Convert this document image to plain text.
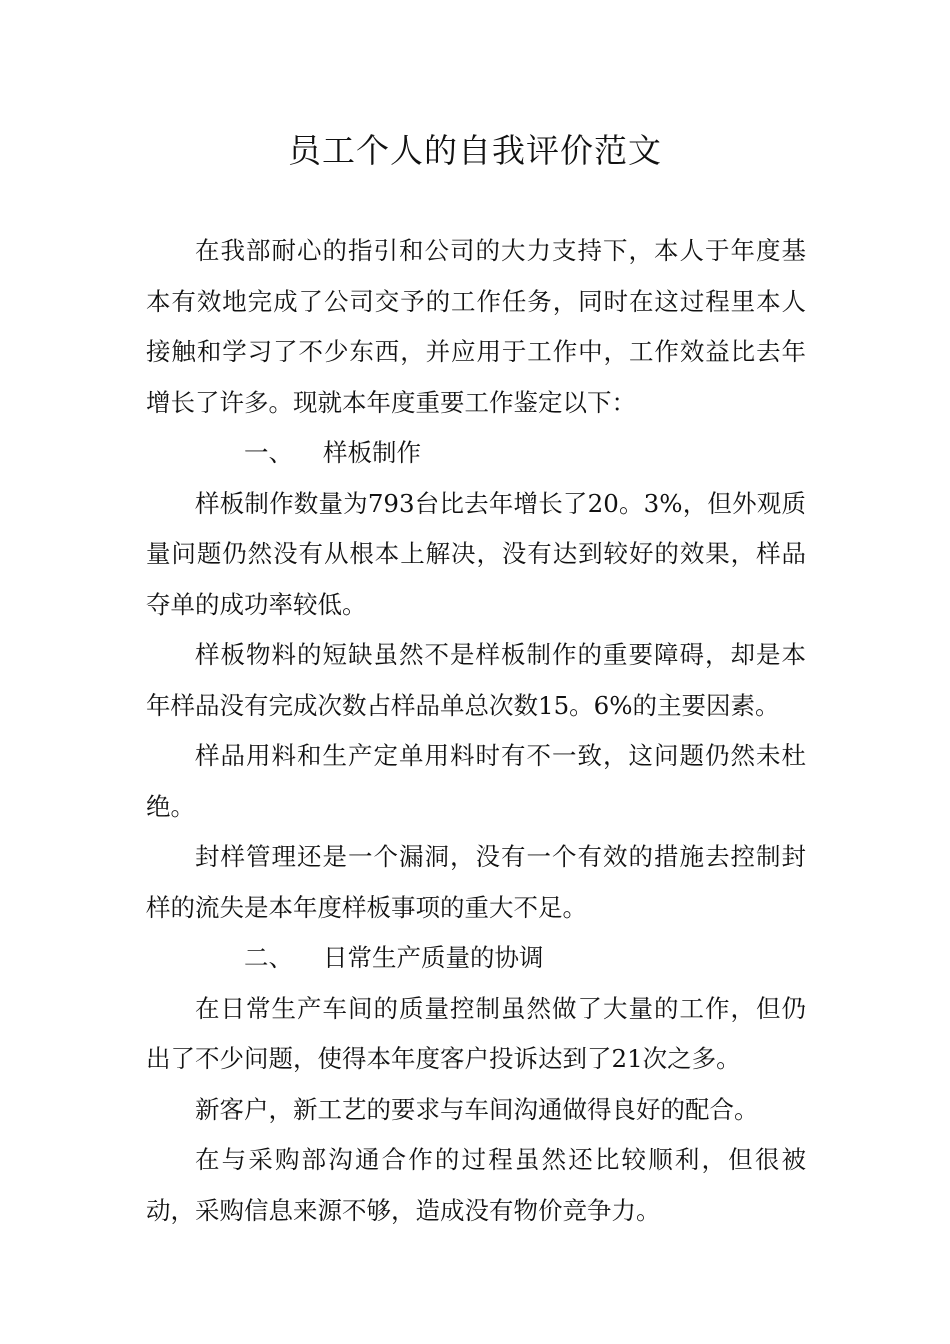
员工个人的自我评价范文

在我部耐心的指引和公司的大力支持下，本人于年度基本有效地完成了公司交予的工作任务，同时在这过程里本人接触和学习了不少东西，并应用于工作中，工作效益比去年增长了许多。现就本年度重要工作鉴定以下：

一、 样板制作

样板制作数量为793台比去年增长了20。3%，但外观质量问题仍然没有从根本上解决，没有达到较好的效果，样品夺单的成功率较低。

样板物料的短缺虽然不是样板制作的重要障碍，却是本年样品没有完成次数占样品单总次数15。6%的主要因素。

样品用料和生产定单用料时有不一致，这问题仍然未杜绝。

封样管理还是一个漏洞，没有一个有效的措施去控制封样的流失是本年度样板事项的重大不足。

二、 日常生产质量的协调

在日常生产车间的质量控制虽然做了大量的工作，但仍出了不少问题，使得本年度客户投诉达到了21次之多。

新客户，新工艺的要求与车间沟通做得良好的配合。

在与采购部沟通合作的过程虽然还比较顺利，但很被动，采购信息来源不够，造成没有物价竞争力。
